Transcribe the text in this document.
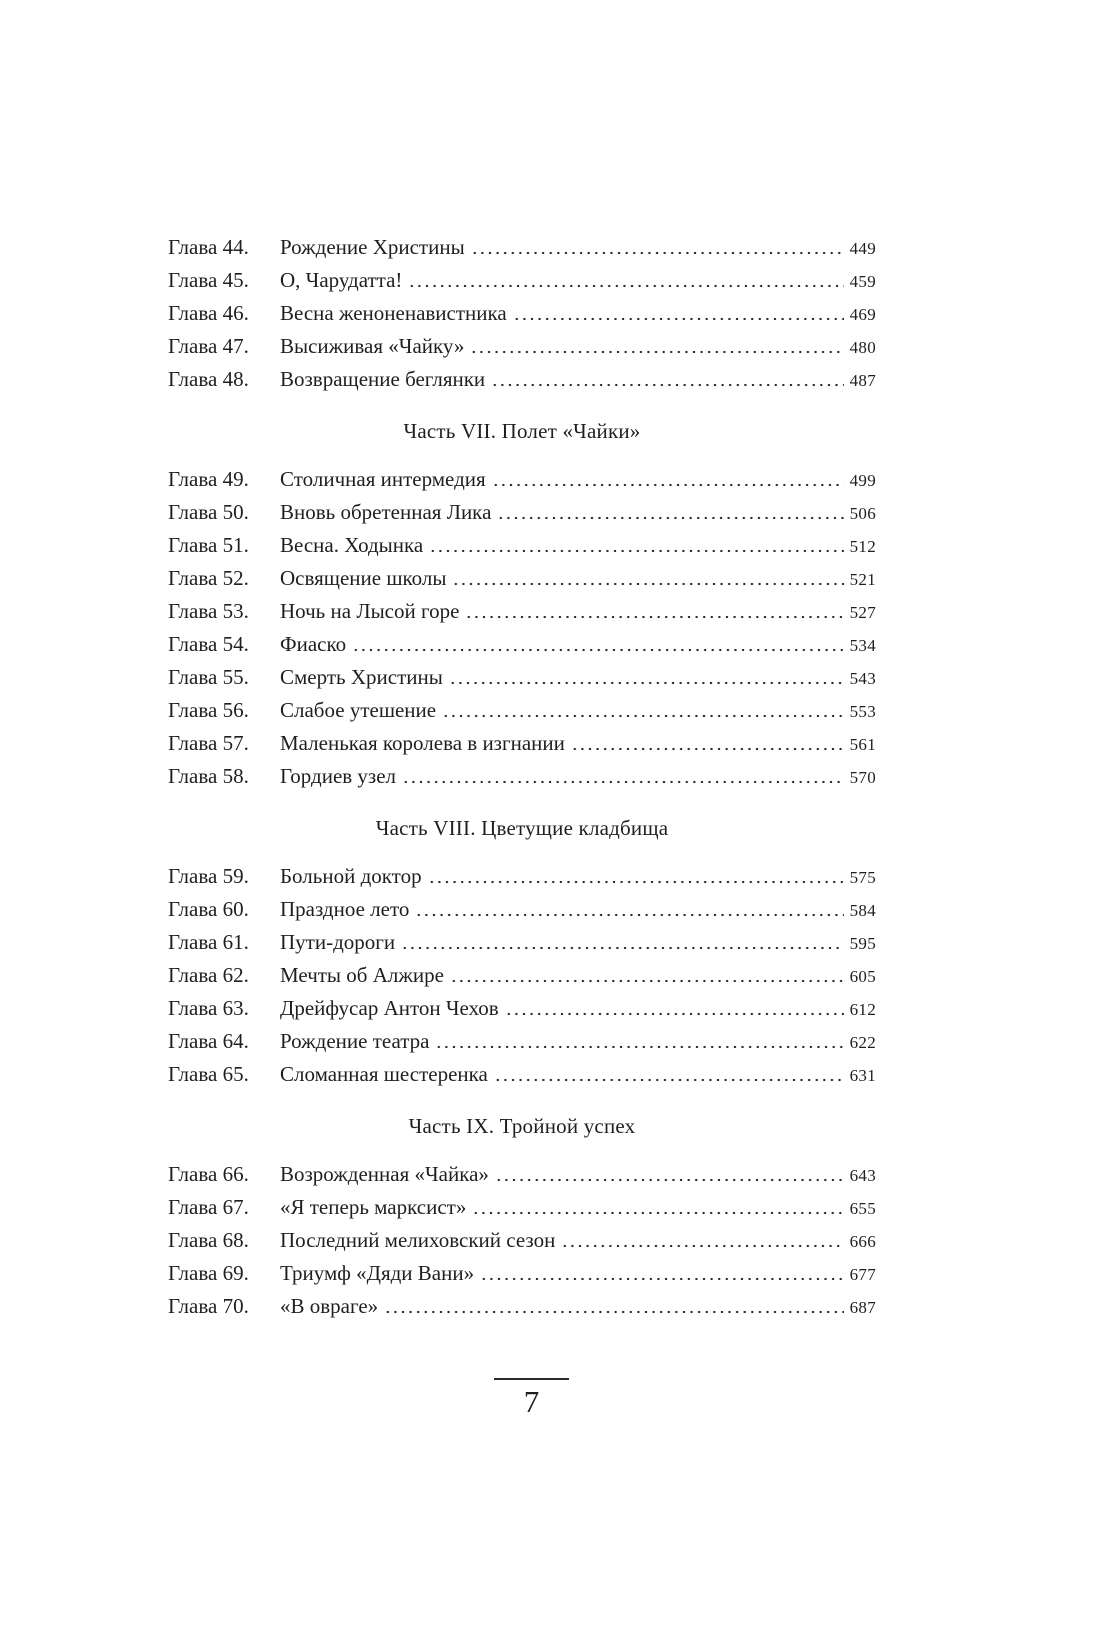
Глава 44.	Рождение Христины	449
Глава 45.	О, Чарудатта!	459
Глава 46.	Весна женоненавистника	469
Глава 47.	Высиживая «Чайку»	480
Глава 48.	Возвращение беглянки	487
Часть VII. Полет «Чайки»
Глава 49.	Столичная интермедия	499
Глава 50.	Вновь обретенная Лика	506
Глава 51.	Весна. Ходынка	512
Глава 52.	Освящение школы	521
Глава 53.	Ночь на Лысой горе	527
Глава 54.	Фиаско	534
Глава 55.	Смерть Христины	543
Глава 56.	Слабое утешение	553
Глава 57.	Маленькая королева в изгнании	561
Глава 58.	Гордиев узел	570
Часть VIII. Цветущие кладбища
Глава 59.	Больной доктор	575
Глава 60.	Праздное лето	584
Глава 61.	Пути-дороги	595
Глава 62.	Мечты об Алжире	605
Глава 63.	Дрейфусар Антон Чехов	612
Глава 64.	Рождение театра	622
Глава 65.	Сломанная шестеренка	631
Часть IX. Тройной успех
Глава 66.	Возрожденная «Чайка»	643
Глава 67.	«Я теперь марксист»	655
Глава 68.	Последний мелиховский сезон	666
Глава 69.	Триумф «Дяди Вани»	677
Глава 70.	«В овраге»	687
7
